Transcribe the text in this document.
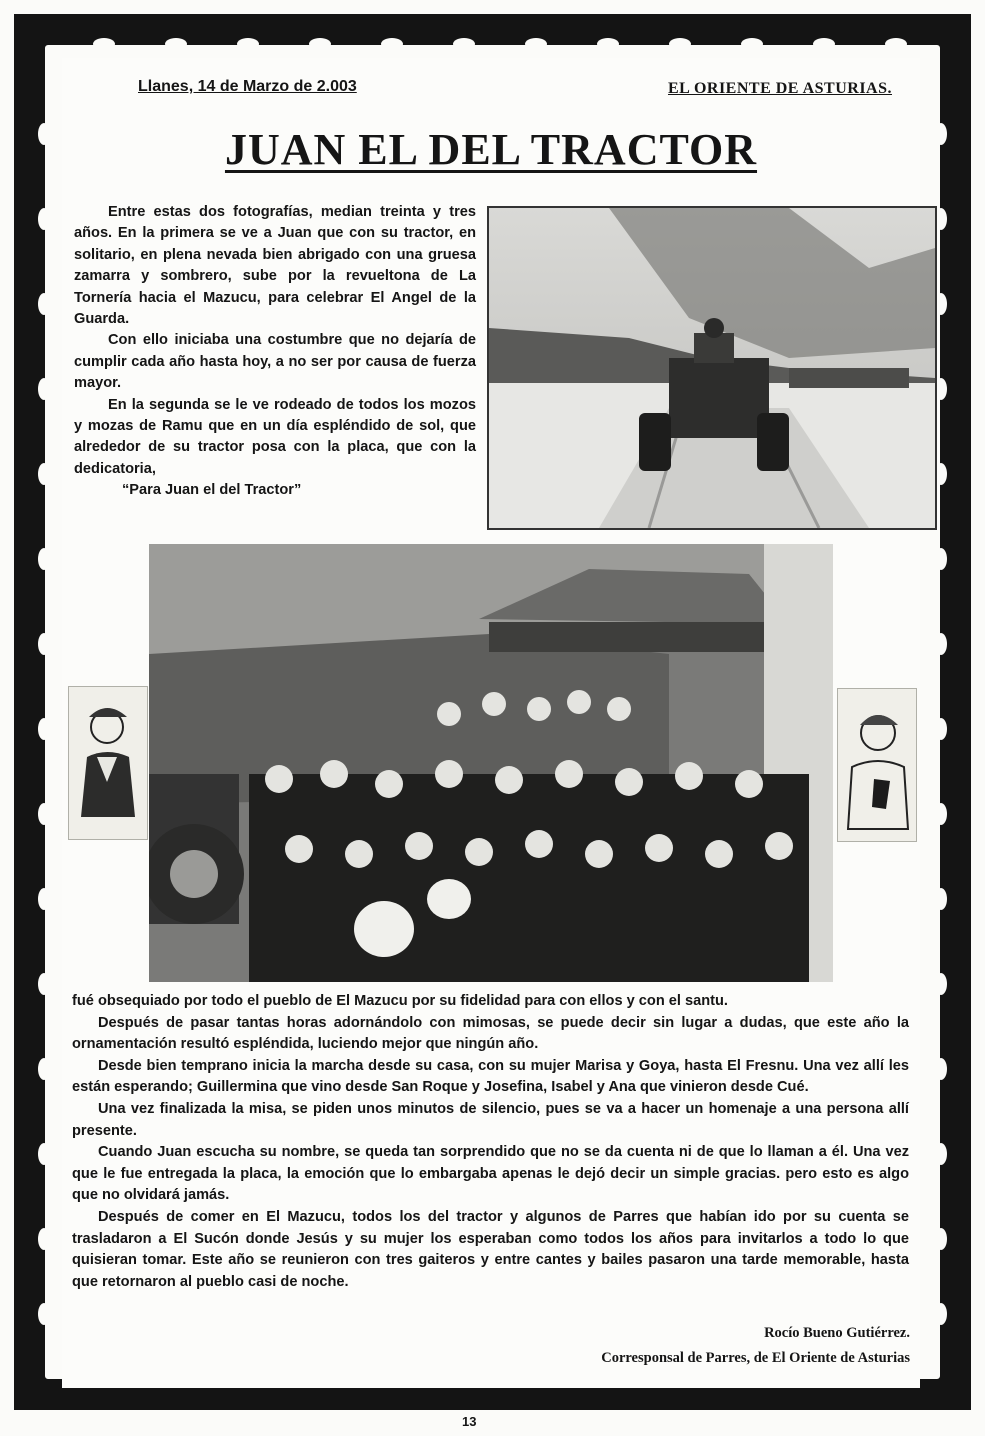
Llanes, 14 de Marzo de 2.003	EL ORIENTE DE ASTURIAS.
JUAN EL DEL TRACTOR

Entre estas dos fotografías, median treinta y tres años. En la primera se ve a Juan que con su tractor, en solitario, en plena nevada bien abrigado con una gruesa zamarra y sombrero, sube por la revueltona de La Tornería hacia el Mazucu, para celebrar El Angel de la Guarda.

Con ello iniciaba una costumbre que no dejaría de cumplir cada año hasta hoy, a no ser por causa de fuerza mayor.

En la segunda se le ve rodeado de todos los mozos y mozas de Ramu que en un día espléndido de sol, que alrededor de su tractor posa con la placa, que con la dedicatoria,

“Para Juan el del Tractor”

fué obsequiado por todo el pueblo de El Mazucu por su fidelidad para con ellos y con el santu.

Después de pasar tantas horas adornándolo con mimosas, se puede decir sin lugar a dudas, que este año la ornamentación resultó espléndida, luciendo mejor que ningún año.

Desde bien temprano inicia la marcha desde su casa, con su mujer Marisa y Goya, hasta El Fresnu. Una vez allí les están esperando; Guillermina que vino desde San Roque y Josefina, Isabel y Ana que vinieron desde Cué.

Una vez finalizada la misa, se piden unos minutos de silencio, pues se va a hacer un homenaje a una persona allí presente.

Cuando Juan escucha su nombre, se queda tan sorprendido que no se da cuenta ni de que lo llaman a él. Una vez que le fue entregada la placa, la emoción que lo embargaba apenas le dejó decir un simple gracias. pero esto es algo que no olvidará jamás.

Después de comer en El Mazucu, todos los del tractor y algunos de Parres que habían ido por su cuenta se trasladaron a El Sucón donde Jesús y su mujer los esperaban como todos los años para invitarlos a todo lo que quisieran tomar. Este año se reunieron con tres gaiteros y entre cantes y bailes pasaron una tarde memorable, hasta que retornaron al pueblo casi de noche.

Rocío Bueno Gutiérrez.
Corresponsal de Parres, de El Oriente de Asturias
13
